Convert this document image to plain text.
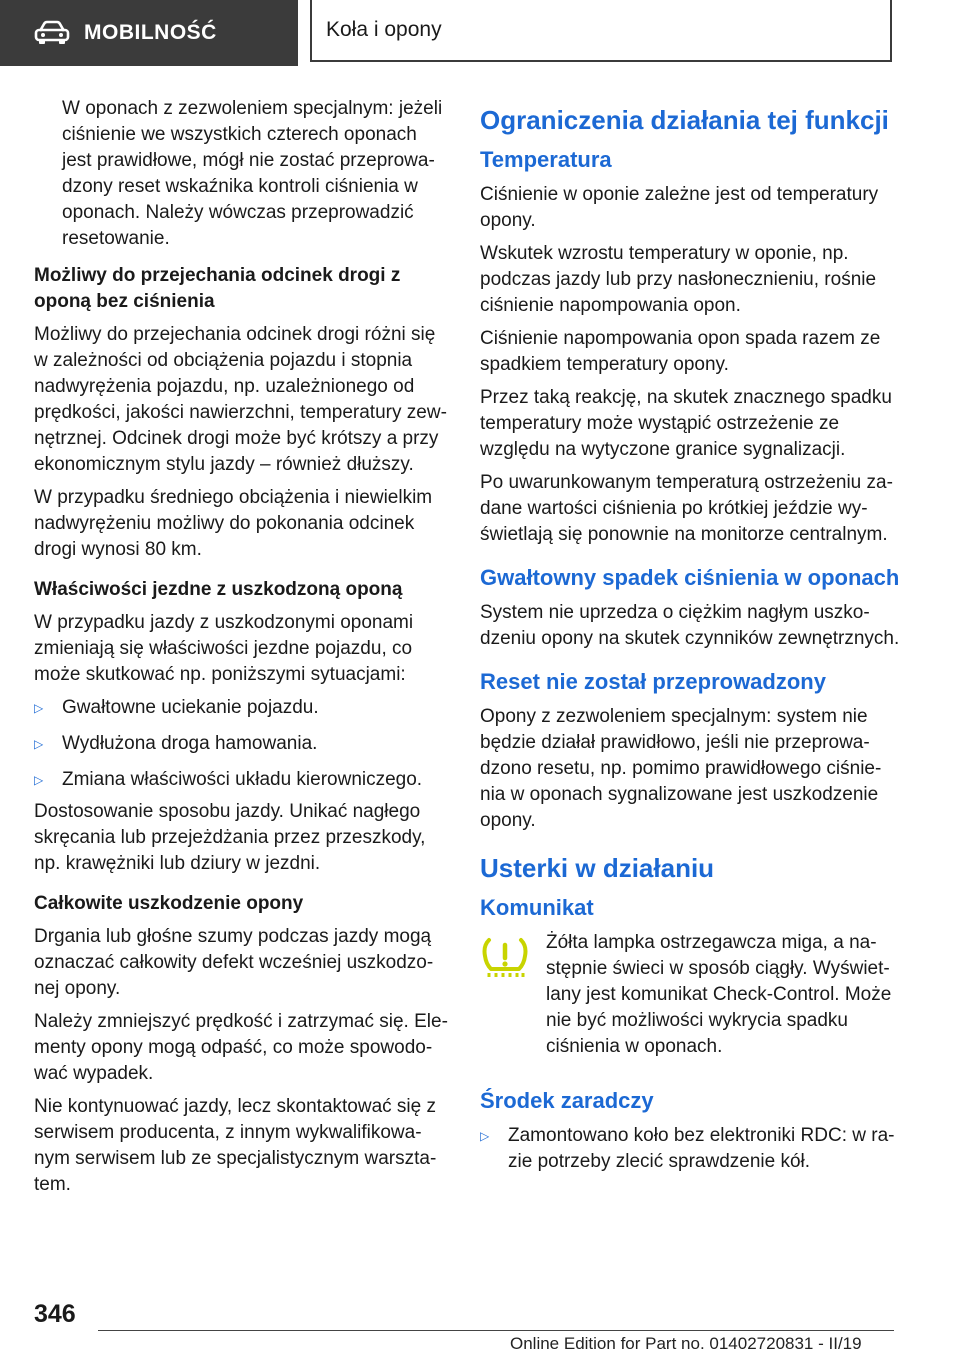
MOBILNOŚĆ	Koła i opony

W oponach z zezwoleniem specjalnym: jeżeli ciśnienie we wszystkich czterech oponach jest prawidłowe, mógł nie zostać przeprowadzony reset wskaźnika kontroli ciśnienia w oponach. Należy wówczas przeprowadzić resetowanie.

Możliwy do przejechania odcinek drogi z oponą bez ciśnienia

Możliwy do przejechania odcinek drogi różni się w zależności od obciążenia pojazdu i stopnia nadwyrężenia pojazdu, np. uzależnionego od prędkości, jakości nawierzchni, temperatury zewnętrznej. Odcinek drogi może być krótszy a przy ekonomicznym stylu jazdy – również dłuższy.

W przypadku średniego obciążenia i niewielkim nadwyrężeniu możliwy do pokonania odcinek drogi wynosi 80 km.

Właściwości jezdne z uszkodzoną oponą

W przypadku jazdy z uszkodzonymi oponami zmieniają się właściwości jezdne pojazdu, co może skutkować np. poniższymi sytuacjami:

▷ Gwałtowne uciekanie pojazdu.
▷ Wydłużona droga hamowania.
▷ Zmiana właściwości układu kierowniczego.

Dostosowanie sposobu jazdy. Unikać nagłego skręcania lub przejeżdżania przez przeszkody, np. krawężniki lub dziury w jezdni.

Całkowite uszkodzenie opony

Drgania lub głośne szumy podczas jazdy mogą oznaczać całkowity defekt wcześniej uszkodzonej opony.

Należy zmniejszyć prędkość i zatrzymać się. Elementy opony mogą odpaść, co może spowodować wypadek.

Nie kontynuować jazdy, lecz skontaktować się z serwisem producenta, z innym wykwalifikowanym serwisem lub ze specjalistycznym warsztatem.

Ograniczenia działania tej funkcji
Temperatura

Ciśnienie w oponie zależne jest od temperatury opony.

Wskutek wzrostu temperatury w oponie, np. podczas jazdy lub przy nasłonecznieniu, rośnie ciśnienie napompowania opon.

Ciśnienie napompowania opon spada razem ze spadkiem temperatury opony.

Przez taką reakcję, na skutek znacznego spadku temperatury może wystąpić ostrzeżenie ze względu na wytyczone granice sygnalizacji.

Po uwarunkowanym temperaturą ostrzeżeniu zadane wartości ciśnienia po krótkiej jeździe wyświetlają się ponownie na monitorze centralnym.

Gwałtowny spadek ciśnienia w oponach

System nie uprzedza o ciężkim nagłym uszkodzeniu opony na skutek czynników zewnętrznych.

Reset nie został przeprowadzony

Opony z zezwoleniem specjalnym: system nie będzie działał prawidłowo, jeśli nie przeprowadzono resetu, np. pomimo prawidłowego ciśnienia w oponach sygnalizowane jest uszkodzenie opony.

Usterki w działaniu
Komunikat

Żółta lampka ostrzegawcza miga, a następnie świeci w sposób ciągły. Wyświetlany jest komunikat Check-Control. Może nie być możliwości wykrycia spadku ciśnienia w oponach.

Środek zaradczy
▷ Zamontowano koło bez elektroniki RDC: w razie potrzeby zlecić sprawdzenie kół.
346
Online Edition for Part no. 01402720831 - II/19
